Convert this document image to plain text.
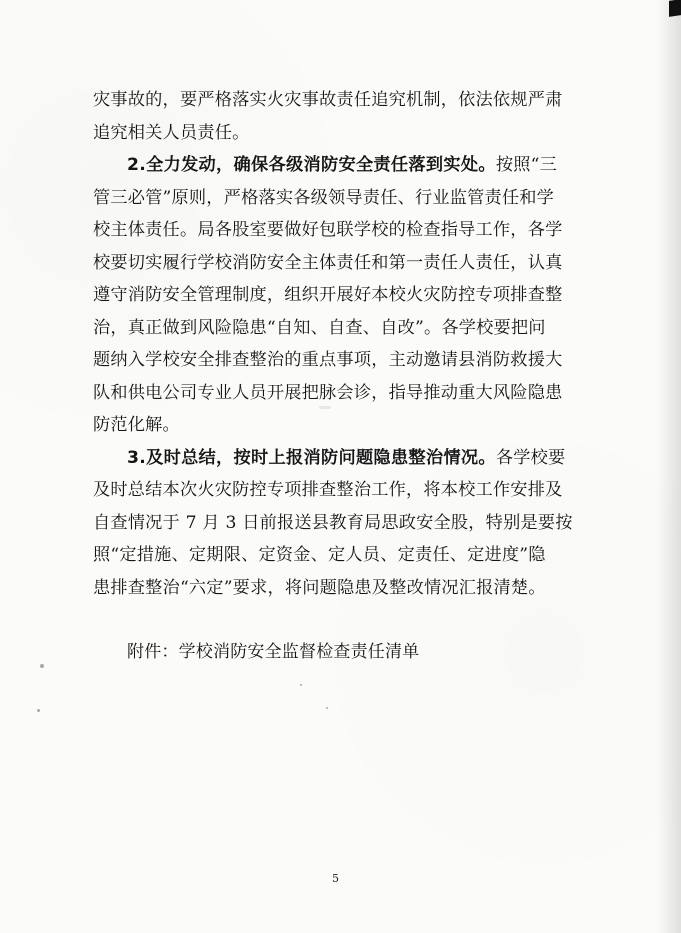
灾事故的，要严格落实火灾事故责任追究机制，依法依规严肃
追究相关人员责任。
2.全力发动，确保各级消防安全责任落到实处。按照“三
管三必管”原则，严格落实各级领导责任、行业监管责任和学
校主体责任。局各股室要做好包联学校的检查指导工作，各学
校要切实履行学校消防安全主体责任和第一责任人责任，认真
遵守消防安全管理制度，组织开展好本校火灾防控专项排查整
治，真正做到风险隐患“自知、自查、自改”。各学校要把问
题纳入学校安全排查整治的重点事项，主动邀请县消防救援大
队和供电公司专业人员开展把脉会诊，指导推动重大风险隐患
防范化解。
3.及时总结，按时上报消防问题隐患整治情况。各学校要
及时总结本次火灾防控专项排查整治工作，将本校工作安排及
自查情况于 7 月 3 日前报送县教育局思政安全股，特别是要按
照“定措施、定期限、定资金、定人员、定责任、定进度”隐
患排查整治“六定”要求，将问题隐患及整改情况汇报清楚。
附件：学校消防安全监督检查责任清单
5
